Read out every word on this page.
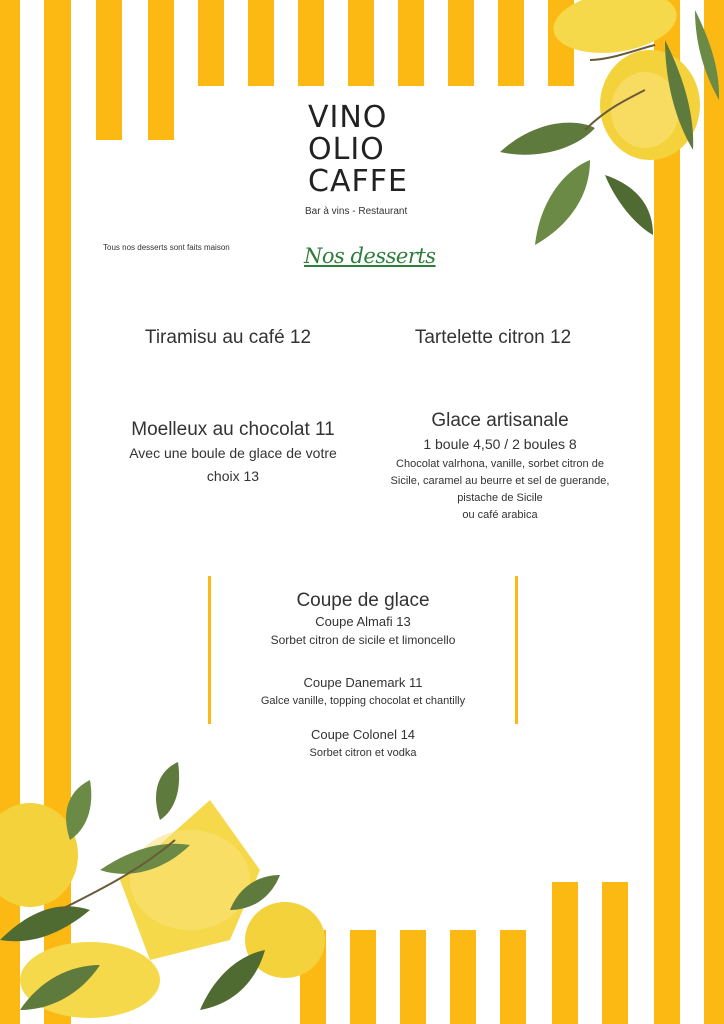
VINO
OLIO
CAFFE
Bar à vins - Restaurant
Tous nos desserts sont faits maison	Nos desserts
Tiramisu au café 12	Tartelette citron 12
Moelleux au chocolat 11
Avec une boule de glace de votre
choix 13
Glace artisanale
1 boule 4,50 / 2 boules 8
Chocolat valrhona, vanille, sorbet citron de
Sicile, caramel au beurre et sel de guerande,
pistache de Sicile
ou café arabica
Coupe de glace
Coupe Almafi 13
Sorbet citron de sicile et limoncello
Coupe Danemark 11
Galce vanille, topping chocolat et chantilly
Coupe Colonel 14
Sorbet citron et vodka
